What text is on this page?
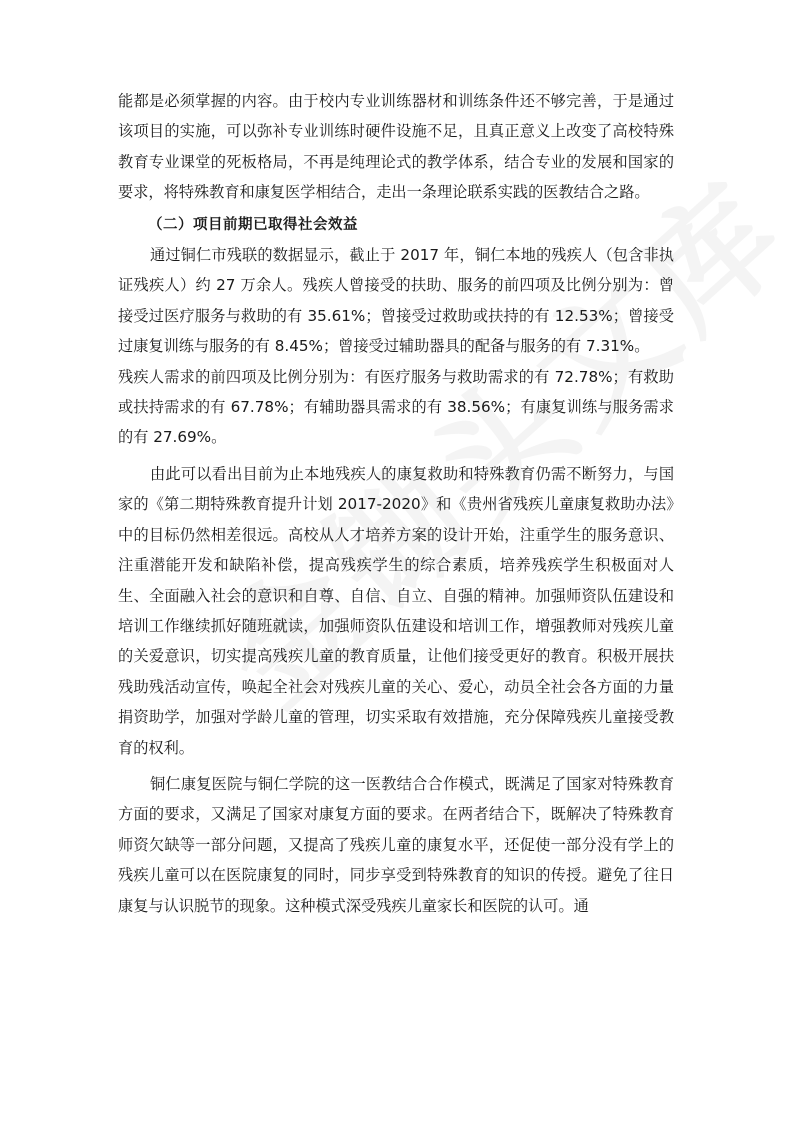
能都是必须掌握的内容。由于校内专业训练器材和训练条件还不够完善，于是通过该项目的实施，可以弥补专业训练时硬件设施不足，且真正意义上改变了高校特殊教育专业课堂的死板格局，不再是纯理论式的教学体系，结合专业的发展和国家的要求，将特殊教育和康复医学相结合，走出一条理论联系实践的医教结合之路。

（二）项目前期已取得社会效益

通过铜仁市残联的数据显示，截止于 2017 年，铜仁本地的残疾人（包含非执证残疾人）约 27 万余人。残疾人曾接受的扶助、服务的前四项及比例分别为：曾接受过医疗服务与救助的有 35.61%；曾接受过救助或扶持的有 12.53%；曾接受过康复训练与服务的有 8.45%；曾接受过辅助器具的配备与服务的有 7.31%。

残疾人需求的前四项及比例分别为：有医疗服务与救助需求的有 72.78%；有救助或扶持需求的有 67.78%；有辅助器具需求的有 38.56%；有康复训练与服务需求的有 27.69%。

由此可以看出目前为止本地残疾人的康复救助和特殊教育仍需不断努力，与国家的《第二期特殊教育提升计划 2017-2020》和《贵州省残疾儿童康复救助办法》中的目标仍然相差很远。高校从人才培养方案的设计开始，注重学生的服务意识、注重潜能开发和缺陷补偿，提高残疾学生的综合素质，培养残疾学生积极面对人生、全面融入社会的意识和自尊、自信、自立、自强的精神。加强师资队伍建设和培训工作继续抓好随班就读，加强师资队伍建设和培训工作，增强教师对残疾儿童的关爱意识，切实提高残疾儿童的教育质量，让他们接受更好的教育。积极开展扶残助残活动宣传，唤起全社会对残疾儿童的关心、爱心，动员全社会各方面的力量捐资助学，加强对学龄儿童的管理，切实采取有效措施，充分保障残疾儿童接受教育的权利。

铜仁康复医院与铜仁学院的这一医教结合合作模式，既满足了国家对特殊教育方面的要求，又满足了国家对康复方面的要求。在两者结合下，既解决了特殊教育师资欠缺等一部分问题，又提高了残疾儿童的康复水平，还促使一部分没有学上的残疾儿童可以在医院康复的同时，同步享受到特殊教育的知识的传授。避免了往日康复与认识脱节的现象。这种模式深受残疾儿童家长和医院的认可。通
